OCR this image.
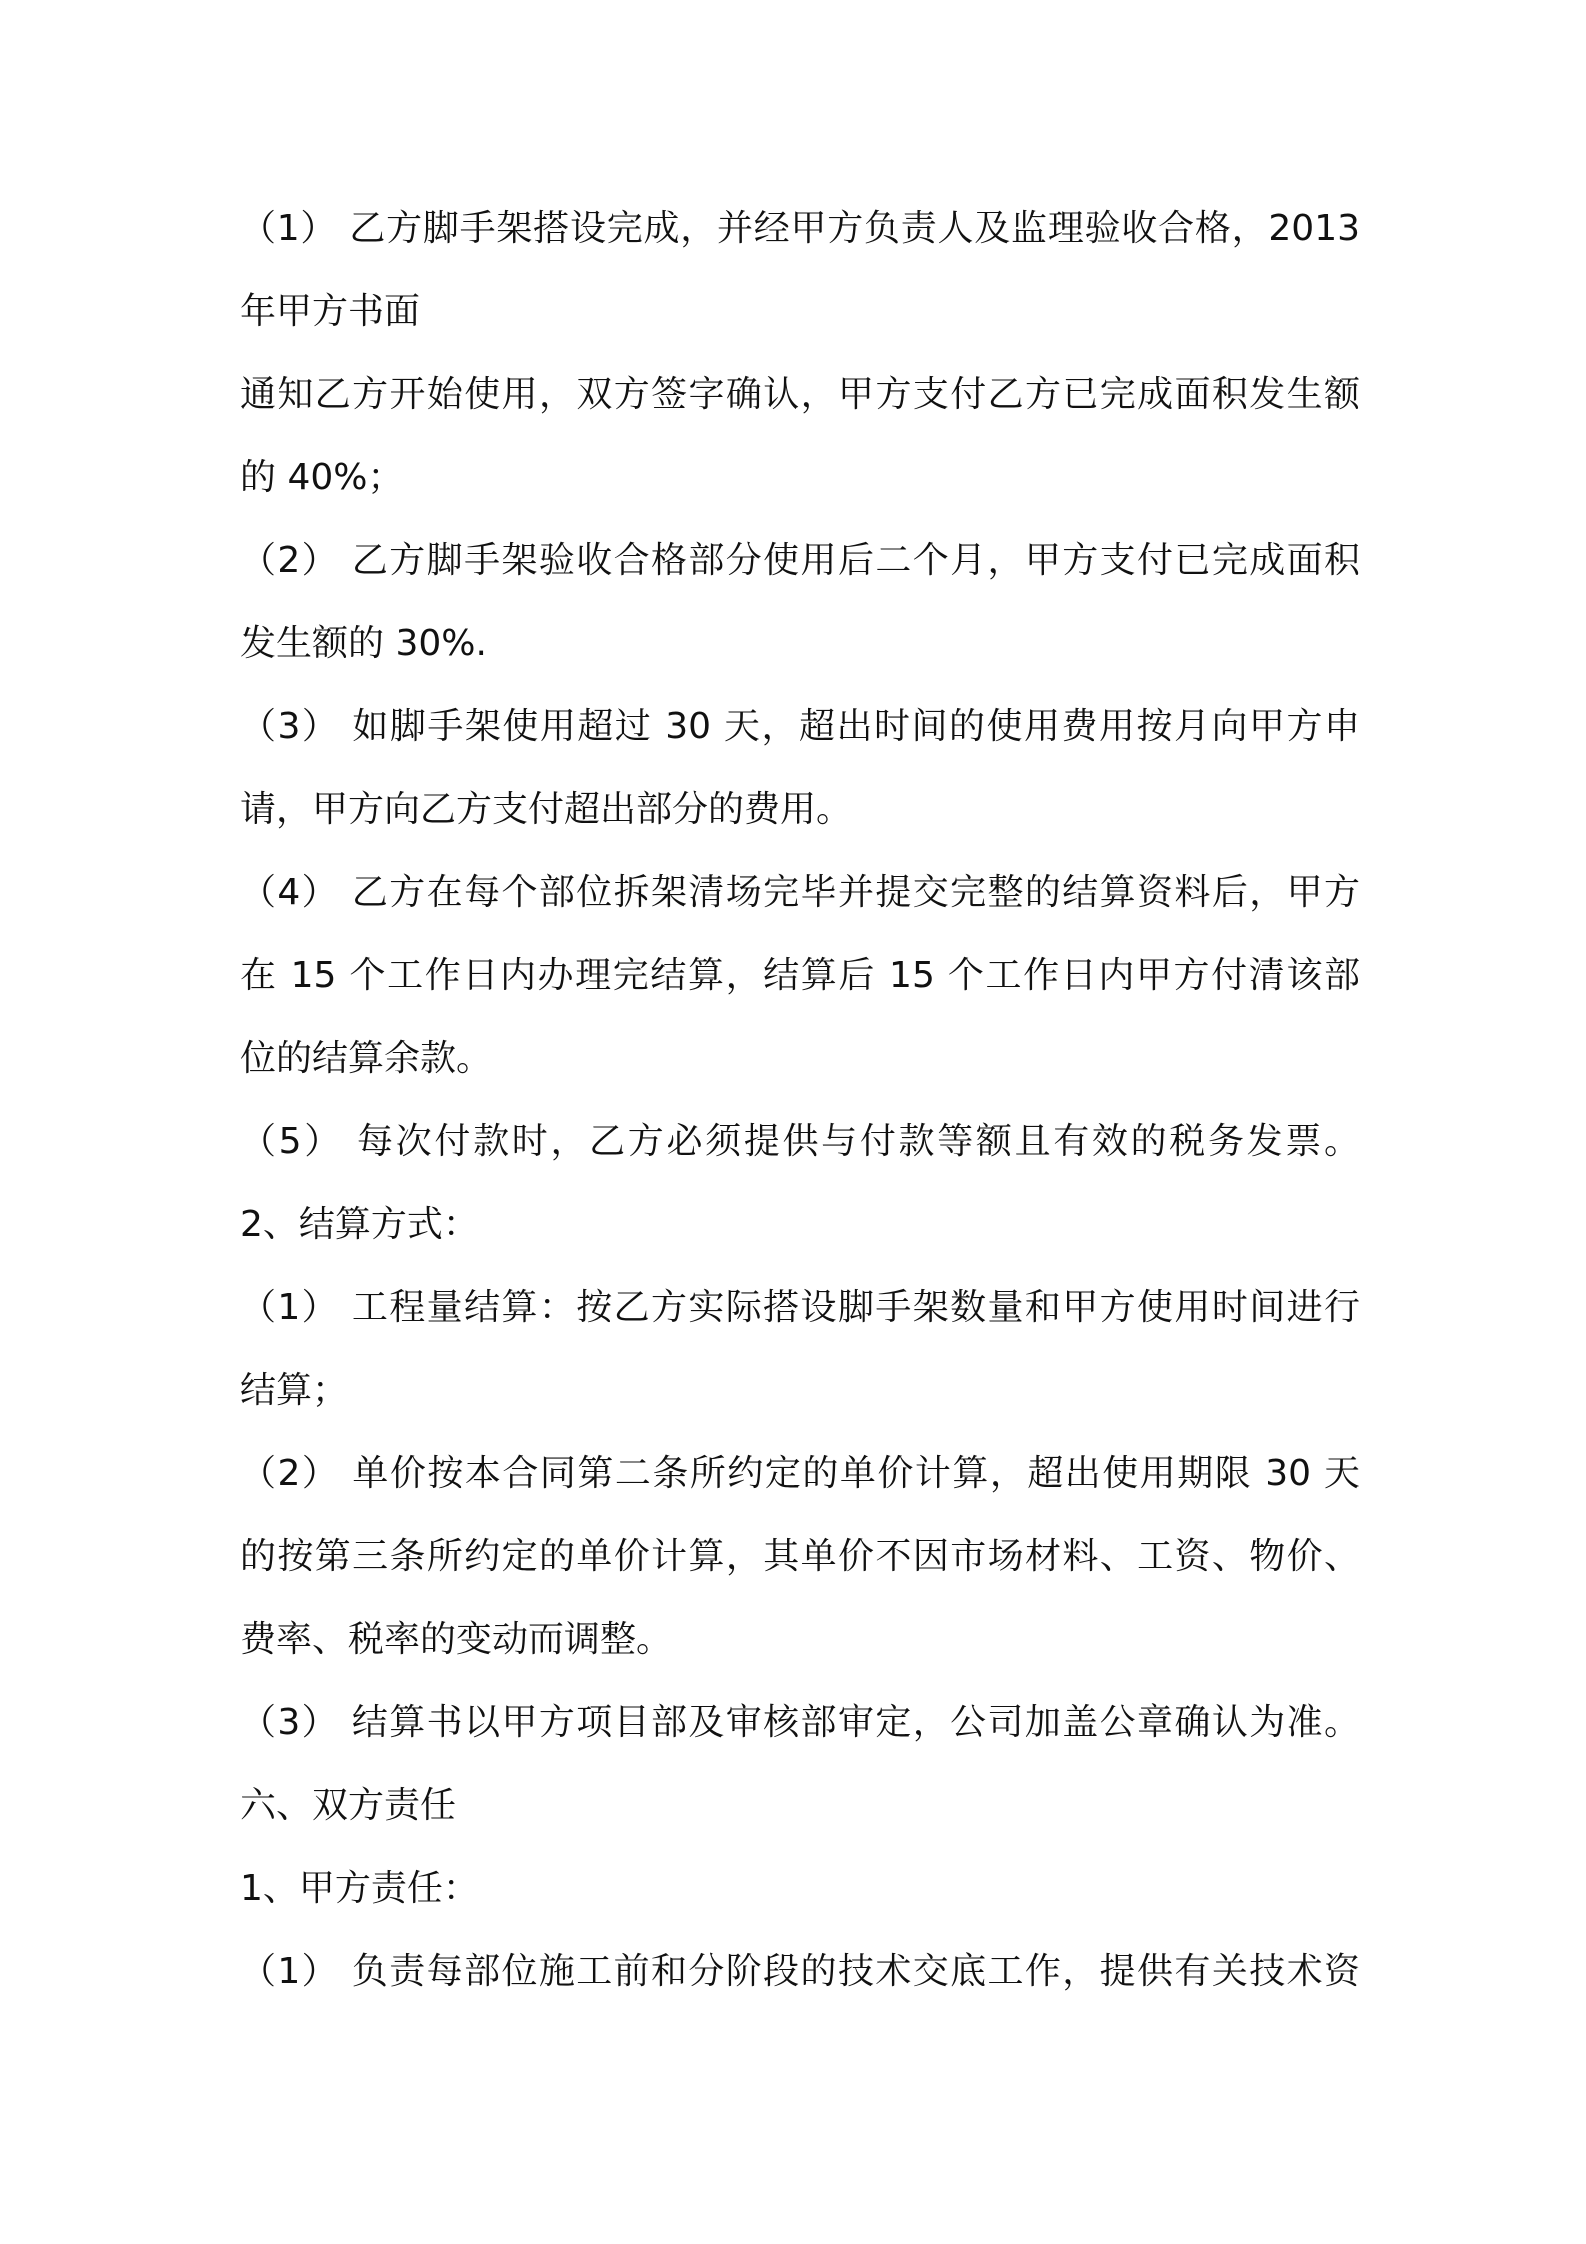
（1） 乙方脚手架搭设完成，并经甲方负责人及监理验收合格，2013
年甲方书面
通知乙方开始使用，双方签字确认，甲方支付乙方已完成面积发生额
的 40%；
（2） 乙方脚手架验收合格部分使用后二个月，甲方支付已完成面积
发生额的 30%.
（3） 如脚手架使用超过 30 天，超出时间的使用费用按月向甲方申
请，甲方向乙方支付超出部分的费用。
（4） 乙方在每个部位拆架清场完毕并提交完整的结算资料后，甲方
在 15 个工作日内办理完结算，结算后 15 个工作日内甲方付清该部
位的结算余款。
（5） 每次付款时，乙方必须提供与付款等额且有效的税务发票。
2、结算方式：
（1） 工程量结算：按乙方实际搭设脚手架数量和甲方使用时间进行
结算；
（2） 单价按本合同第二条所约定的单价计算，超出使用期限 30 天
的按第三条所约定的单价计算，其单价不因市场材料、工资、物价、
费率、税率的变动而调整。
（3） 结算书以甲方项目部及审核部审定，公司加盖公章确认为准。
六、双方责任
1、甲方责任：
（1） 负责每部位施工前和分阶段的技术交底工作，提供有关技术资
